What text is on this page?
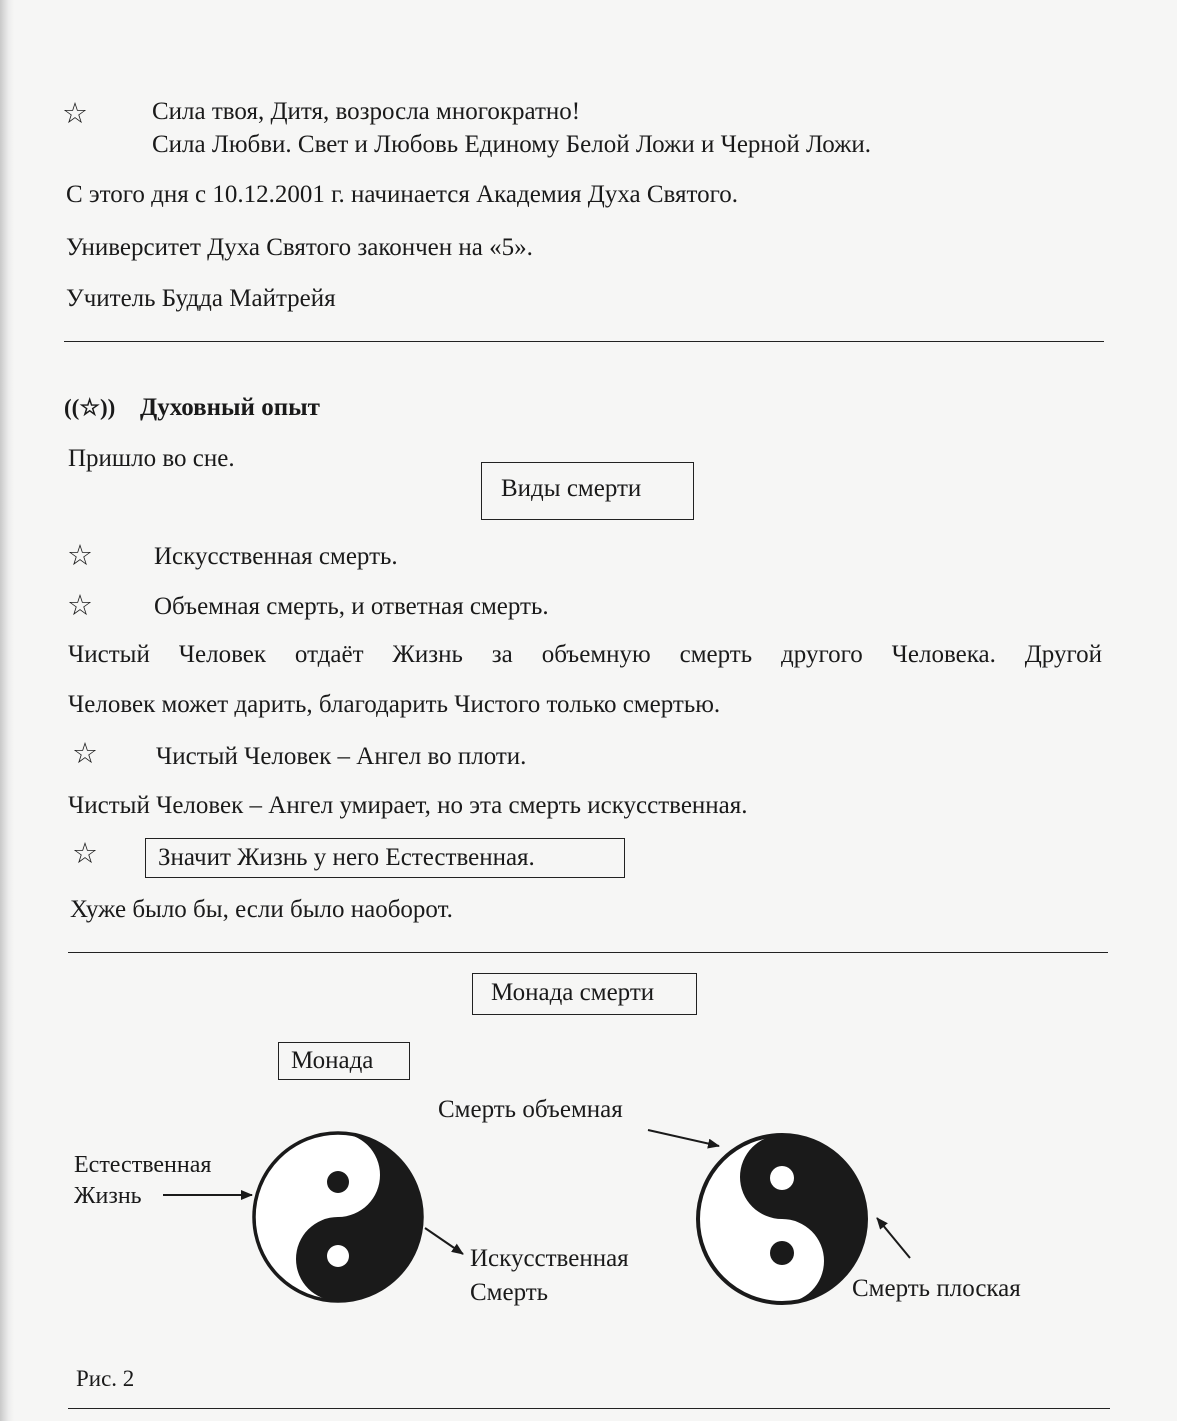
☆	Сила твоя, Дитя, возросла многократно!
Сила Любви. Свет и Любовь Единому Белой Ложи и Черной Ложи.
С этого дня с 10.12.2001 г. начинается Академия Духа Святого.
Университет Духа Святого закончен на «5».
Учитель Будда Майтрейя
((☆)) Духовный опыт
Пришло во сне.
Виды смерти
☆ Искусственная смерть.
☆ Объемная смерть, и ответная смерть.
Чистый Человек отдаёт Жизнь за объемную смерть другого Человека. Другой
Человек может дарить, благодарить Чистого только смертью.
☆ Чистый Человек – Ангел во плоти.
Чистый Человек – Ангел умирает, но эта смерть искусственная.
☆	Значит Жизнь у него Естественная.
Хуже было бы, если было наоборот.
Монада смерти
Монада
Естественная
Жизнь
Искусственная
Смерть
Смерть объемная
Смерть плоская
Рис. 2
